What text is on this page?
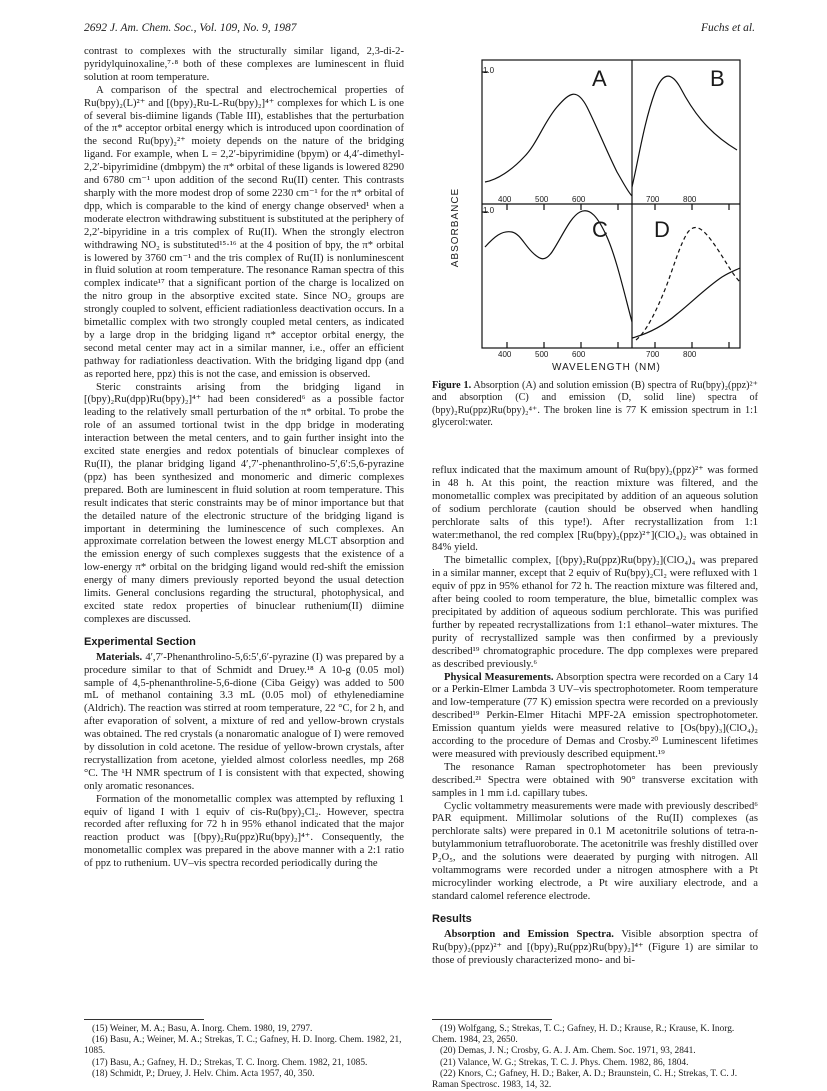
2692 J. Am. Chem. Soc., Vol. 109, No. 9, 1987	Fuchs et al.

contrast to complexes with the structurally similar ligand, 2,3-di-2-pyridylquinoxaline,⁷·⁸ both of these complexes are luminescent in fluid solution at room temperature.

A comparison of the spectral and electrochemical properties of Ru(bpy)₂(L)²⁺ and [(bpy)₂Ru-L-Ru(bpy)₂]⁴⁺ complexes for which L is one of several bis-diimine ligands (Table III), establishes that the perturbation of the π* acceptor orbital energy which is introduced upon coordination of the second Ru(bpy)₂²⁺ moiety depends on the nature of the bridging ligand. For example, when L = 2,2′-bipyrimidine (bpym) or 4,4′-dimethyl-2,2′-bipyrimidine (dmbpym) the π* orbital of these ligands is lowered 8290 and 6780 cm⁻¹ upon addition of the second Ru(II) center. This contrasts sharply with the more modest drop of some 2230 cm⁻¹ for the π* orbital of dpp, which is comparable to the kind of energy change observed¹ when a moderate electron withdrawing substituent is substituted at the periphery of 2,2′-bipyridine in a tris complex of Ru(II). When the strongly electron withdrawing NO₂ is substituted¹⁵·¹⁶ at the 4 position of bpy, the π* orbital is lowered by 3760 cm⁻¹ and the tris complex of Ru(II) is nonluminescent in fluid solution at room temperature. The resonance Raman spectra of this complex indicate¹⁷ that a significant portion of the charge is localized on the nitro group in the absorptive excited state. Since NO₂ groups are strongly coupled to solvent, efficient radiationless deactivation occurs. In a bimetallic complex with two strongly coupled metal centers, as indicated by a large drop in the bridging ligand π* acceptor orbital energy, the second metal center may act in a similar manner, i.e., offer an efficient pathway for radiationless deactivation. With the bridging ligand dpp (and as reported here, ppz) this is not the case, and emission is observed.

Steric constraints arising from the bridging ligand in [(bpy)₂Ru(dpp)Ru(bpy)₂]⁴⁺ had been considered⁶ as a possible factor leading to the relatively small perturbation of the π* orbital. To probe the role of an assumed tortional twist in the dpp bridge in moderating interaction between the metal centers, and to gain further insight into the excited state energies and redox potentials of binuclear complexes of Ru(II), the planar bridging ligand 4′,7′-phenanthrolino-5′,6′:5,6-pyrazine (ppz) has been synthesized and monomeric and dimeric complexes prepared. Both are luminescent in fluid solution at room temperature. This result indicates that steric constraints may be of minor importance but that the detailed nature of the electronic structure of the bridging ligand is important in determining the luminescence of such complexes. An approximate correlation between the lowest energy MLCT absorption and the emission energy of such complexes suggests that the existence of a low-energy π* orbital on the bridging ligand would red-shift the emission energy of many dimers previously reported beyond the usual detection limits. General conclusions regarding the structural, photophysical, and excited state redox properties of binuclear ruthenium(II) diimine complexes are discussed.

Experimental Section

Materials. 4′,7′-Phenanthrolino-5,6:5′,6′-pyrazine (I) was prepared by a procedure similar to that of Schmidt and Druey.¹⁸ A 10-g (0.05 mol) sample of 4,5-phenanthroline-5,6-dione (Ciba Geigy) was added to 500 mL of methanol containing 3.3 mL (0.05 mol) of ethylenediamine (Aldrich). The reaction was stirred at room temperature, 22 °C, for 2 h, and after evaporation of solvent, a mixture of red and yellow-brown crystals was obtained. The red crystals (a nonaromatic analogue of I) were removed by dissolution in cold acetone. The residue of yellow-brown crystals, after recrystallization from acetone, yielded almost colorless needles, mp 268 °C. The ¹H NMR spectrum of I is consistent with that expected, showing only aromatic resonances.

Formation of the monometallic complex was attempted by refluxing 1 equiv of ligand I with 1 equiv of cis-Ru(bpy)₂Cl₂. However, spectra recorded after refluxing for 72 h in 95% ethanol indicated that the major reaction product was [(bpy)₂Ru(ppz)Ru(bpy)₂]⁴⁺. Consequently, the monometallic complex was prepared in the above manner with a 2:1 ratio of ppz to ruthenium. UV–vis spectra recorded periodically during the

A	B
C D
1.0
1.0
ABSORBANCE	400	500	600	700	800
400	500	600	700	800
WAVELENGTH (NM)
Figure 1. Absorption (A) and solution emission (B) spectra of Ru(bpy)₂(ppz)²⁺ and absorption (C) and emission (D, solid line) spectra of (bpy)₂Ru(ppz)Ru(bpy)₂⁴⁺. The broken line is 77 K emission spectrum in 1:1 glycerol:water.

reflux indicated that the maximum amount of Ru(bpy)₂(ppz)²⁺ was formed in 48 h. At this point, the reaction mixture was filtered, and the monometallic complex was precipitated by addition of an aqueous solution of sodium perchlorate (caution should be observed when handling perchlorate salts of this type!). After recrystallization from 1:1 water:methanol, the red complex [Ru(bpy)₂(ppz)²⁺](ClO₄)₂ was obtained in 84% yield.

The bimetallic complex, [(bpy)₂Ru(ppz)Ru(bpy)₂](ClO₄)₄ was prepared in a similar manner, except that 2 equiv of Ru(bpy)₂Cl₂ were refluxed with 1 equiv of ppz in 95% ethanol for 72 h. The reaction mixture was filtered and, after being cooled to room temperature, the blue, bimetallic complex was precipitated by addition of aqueous sodium perchlorate. This was purified further by repeated recrystallizations from 1:1 ethanol–water mixtures. The purity of recrystallized sample was then confirmed by a previously described¹⁹ chromatographic procedure. The dpp complexes were prepared as described previously.⁶

Physical Measurements. Absorption spectra were recorded on a Cary 14 or a Perkin-Elmer Lambda 3 UV–vis spectrophotometer. Room temperature and low-temperature (77 K) emission spectra were recorded on a previously described¹⁹ Perkin-Elmer Hitachi MPF-2A emission spectrophotometer. Emission quantum yields were measured relative to [Os(bpy)₃](ClO₄)₂ according to the procedure of Demas and Crosby.²⁰ Luminescent lifetimes were measured with previously described equipment.¹⁹

The resonance Raman spectrophotometer has been previously described.²¹ Spectra were obtained with 90° transverse excitation with samples in 1 mm i.d. capillary tubes.

Cyclic voltammetry measurements were made with previously described⁶ PAR equipment. Millimolar solutions of the Ru(II) complexes (as perchlorate salts) were prepared in 0.1 M acetonitrile solutions of tetra-n-butylammonium tetrafluoroborate. The acetonitrile was freshly distilled over P₂O₅, and the solutions were deaerated by purging with nitrogen. All voltammograms were recorded under a nitrogen atmosphere with a Pt microcylinder working electrode, a Pt wire auxiliary electrode, and a standard calomel reference electrode.

Results

Absorption and Emission Spectra. Visible absorption spectra of Ru(bpy)₂(ppz)²⁺ and [(bpy)₂Ru(ppz)Ru(bpy)₂]⁴⁺ (Figure 1) are similar to those of previously characterized mono- and bi-

(15) Weiner, M. A.; Basu, A. Inorg. Chem. 1980, 19, 2797.
(16) Basu, A.; Weiner, M. A.; Strekas, T. C.; Gafney, H. D. Inorg. Chem. 1982, 21, 1085.
(17) Basu, A.; Gafney, H. D.; Strekas, T. C. Inorg. Chem. 1982, 21, 1085.
(18) Schmidt, P.; Druey, J. Helv. Chim. Acta 1957, 40, 350.
(19) Wolfgang, S.; Strekas, T. C.; Gafney, H. D.; Krause, R.; Krause, K. Inorg. Chem. 1984, 23, 2650.
(20) Demas, J. N.; Crosby, G. A. J. Am. Chem. Soc. 1971, 93, 2841.
(21) Valance, W. G.; Strekas, T. C. J. Phys. Chem. 1982, 86, 1804.
(22) Knors, C.; Gafney, H. D.; Baker, A. D.; Braunstein, C. H.; Strekas, T. C. J. Raman Spectrosc. 1983, 14, 32.
